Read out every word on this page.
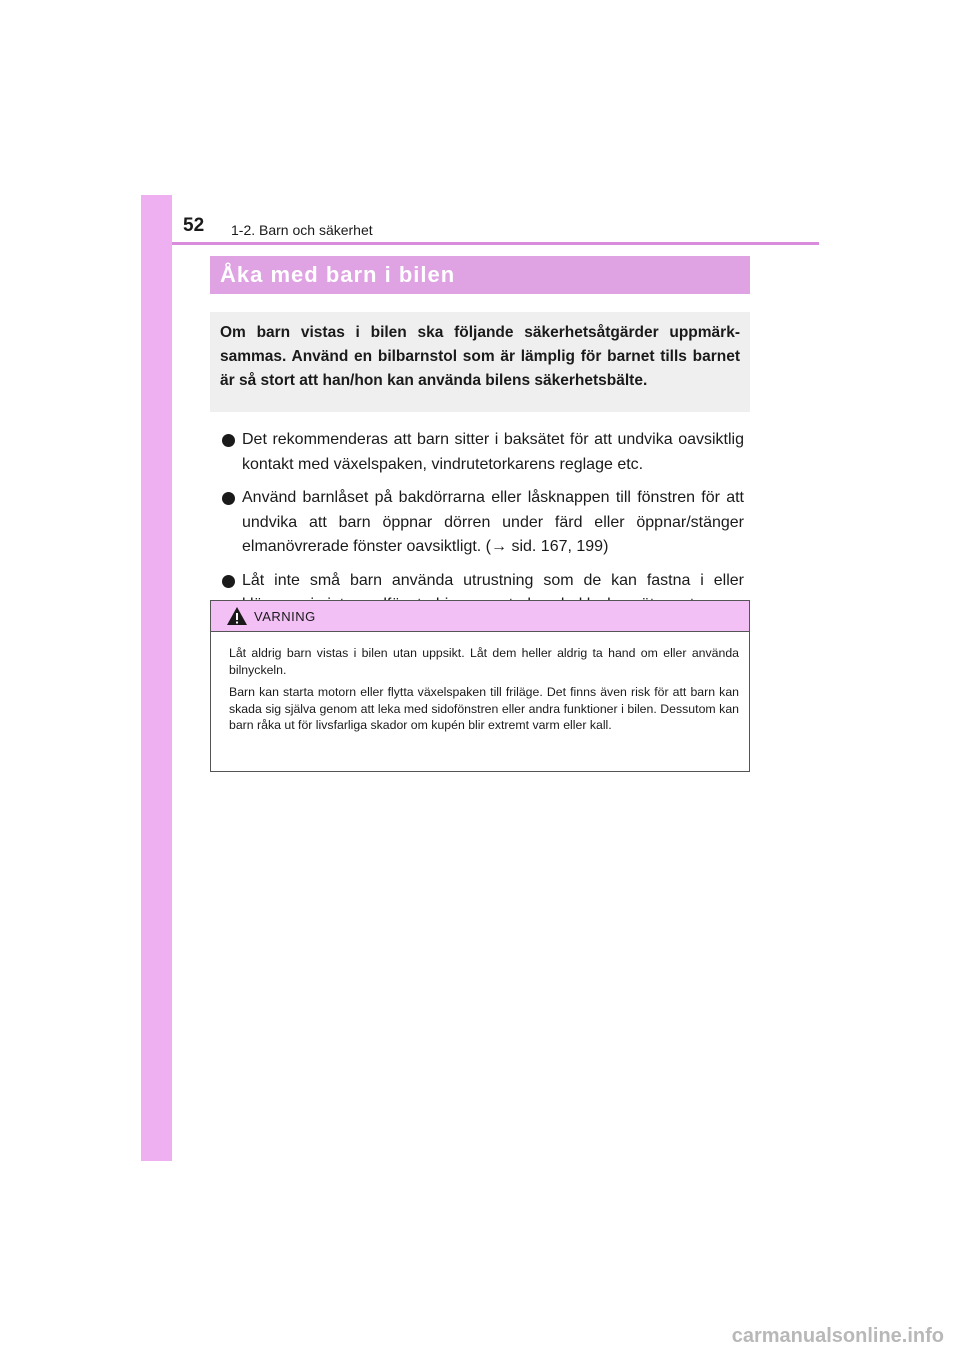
52 1-2. Barn och säkerhet
Åka med barn i bilen

Om barn vistas i bilen ska följande säkerhetsåtgärder uppmärksammas. Använd en bilbarnstol som är lämplig för barnet tills barnet är så stort att han/hon kan använda bilens säkerhetsbälte.

Det rekommenderas att barn sitter i baksätet för att undvika oavsiktlig kontakt med växelspaken, vindrutetorkarens reglage etc.
Använd barnlåset på bakdörrarna eller låsknappen till fönstren för att undvika att barn öppnar dörren under färd eller öppnar/stänger elmanövrerade fönster oavsiktligt. (→ sid. 167, 199)
Låt inte små barn använda utrustning som de kan fastna i eller
VARNING

Låt aldrig barn vistas i bilen utan uppsikt. Låt dem heller aldrig ta hand om eller använda bilnyckeln.

Barn kan starta motorn eller flytta växelspaken till friläge. Det finns även risk för att barn kan skada sig själva genom att leka med sidofönstren eller andra funktioner i bilen. Dessutom kan barn råka ut för livsfarliga skador om kupén blir extremt varm eller kall.

carmanualsonline.info
